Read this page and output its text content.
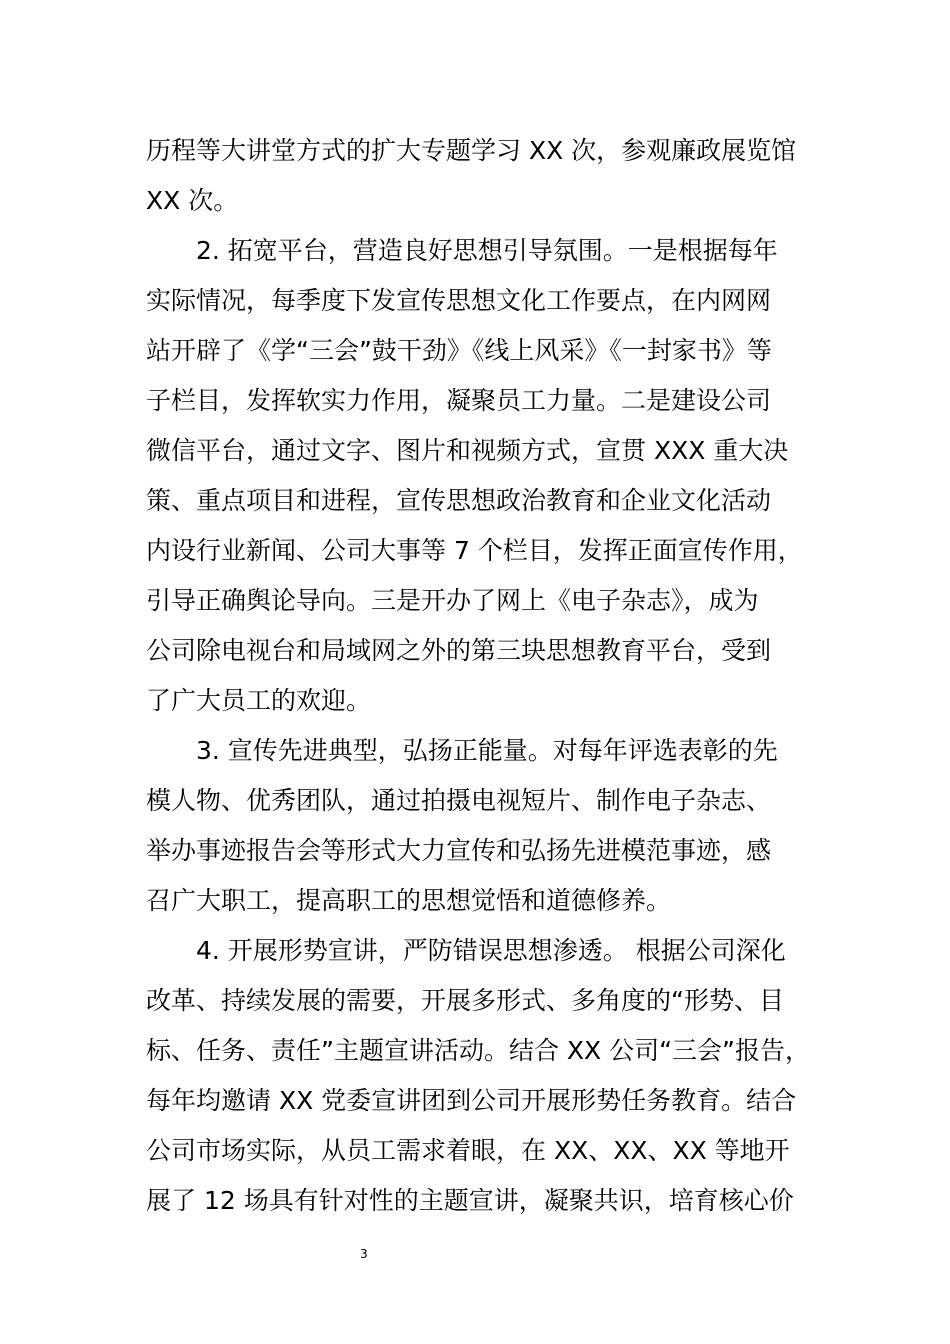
历程等大讲堂方式的扩大专题学习 XX 次，参观廉政展览馆
XX 次。
2. 拓宽平台，营造良好思想引导氛围。一是根据每年
实际情况，每季度下发宣传思想文化工作要点，在内网网
站开辟了《学“三会”鼓干劲》《线上风采》《一封家书》等
子栏目，发挥软实力作用，凝聚员工力量。二是建设公司
微信平台，通过文字、图片和视频方式，宣贯 XXX 重大决
策、重点项目和进程，宣传思想政治教育和企业文化活动
内设行业新闻、公司大事等 7 个栏目，发挥正面宣传作用，
引导正确舆论导向。三是开办了网上《电子杂志》，成为
公司除电视台和局域网之外的第三块思想教育平台，受到
了广大员工的欢迎。
3. 宣传先进典型，弘扬正能量。对每年评选表彰的先
模人物、优秀团队，通过拍摄电视短片、制作电子杂志、
举办事迹报告会等形式大力宣传和弘扬先进模范事迹，感
召广大职工，提高职工的思想觉悟和道德修养。
4. 开展形势宣讲，严防错误思想渗透。 根据公司深化
改革、持续发展的需要，开展多形式、多角度的“形势、目
标、任务、责任”主题宣讲活动。结合 XX 公司“三会”报告，
每年均邀请 XX 党委宣讲团到公司开展形势任务教育。结合
公司市场实际，从员工需求着眼，在 XX、XX、XX 等地开
展了 12 场具有针对性的主题宣讲，凝聚共识，培育核心价
3
